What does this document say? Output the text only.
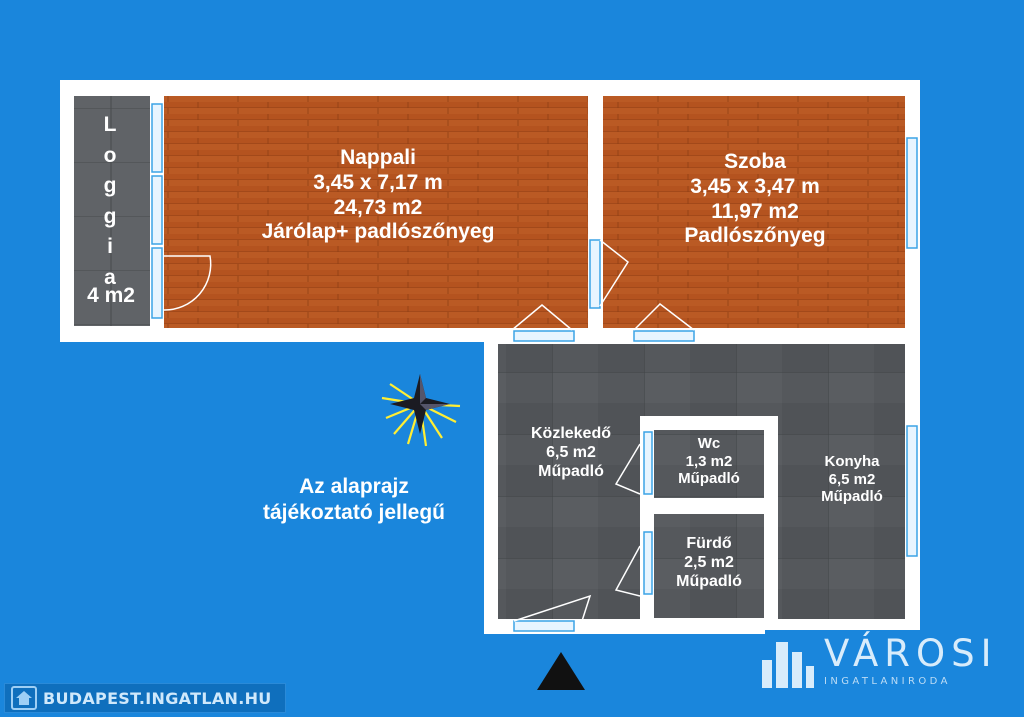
Nappali
3,45 x 7,17 m
24,73 m2
Járólap+ padlószőnyeg
Szoba
3,45 x 3,47 m
11,97 m2
Padlószőnyeg
Közlekedő
6,5 m2
Műpadló
Wc
1,3 m2
Műpadló
Fürdő
2,5 m2
Műpadló
Konyha
6,5 m2
Műpadló
L
o
g
g
i
a
4 m2
Az alaprajz
tájékoztató jellegű
BUDAPEST.INGATLAN.HU
VÁROSI
INGATLANIRODA
